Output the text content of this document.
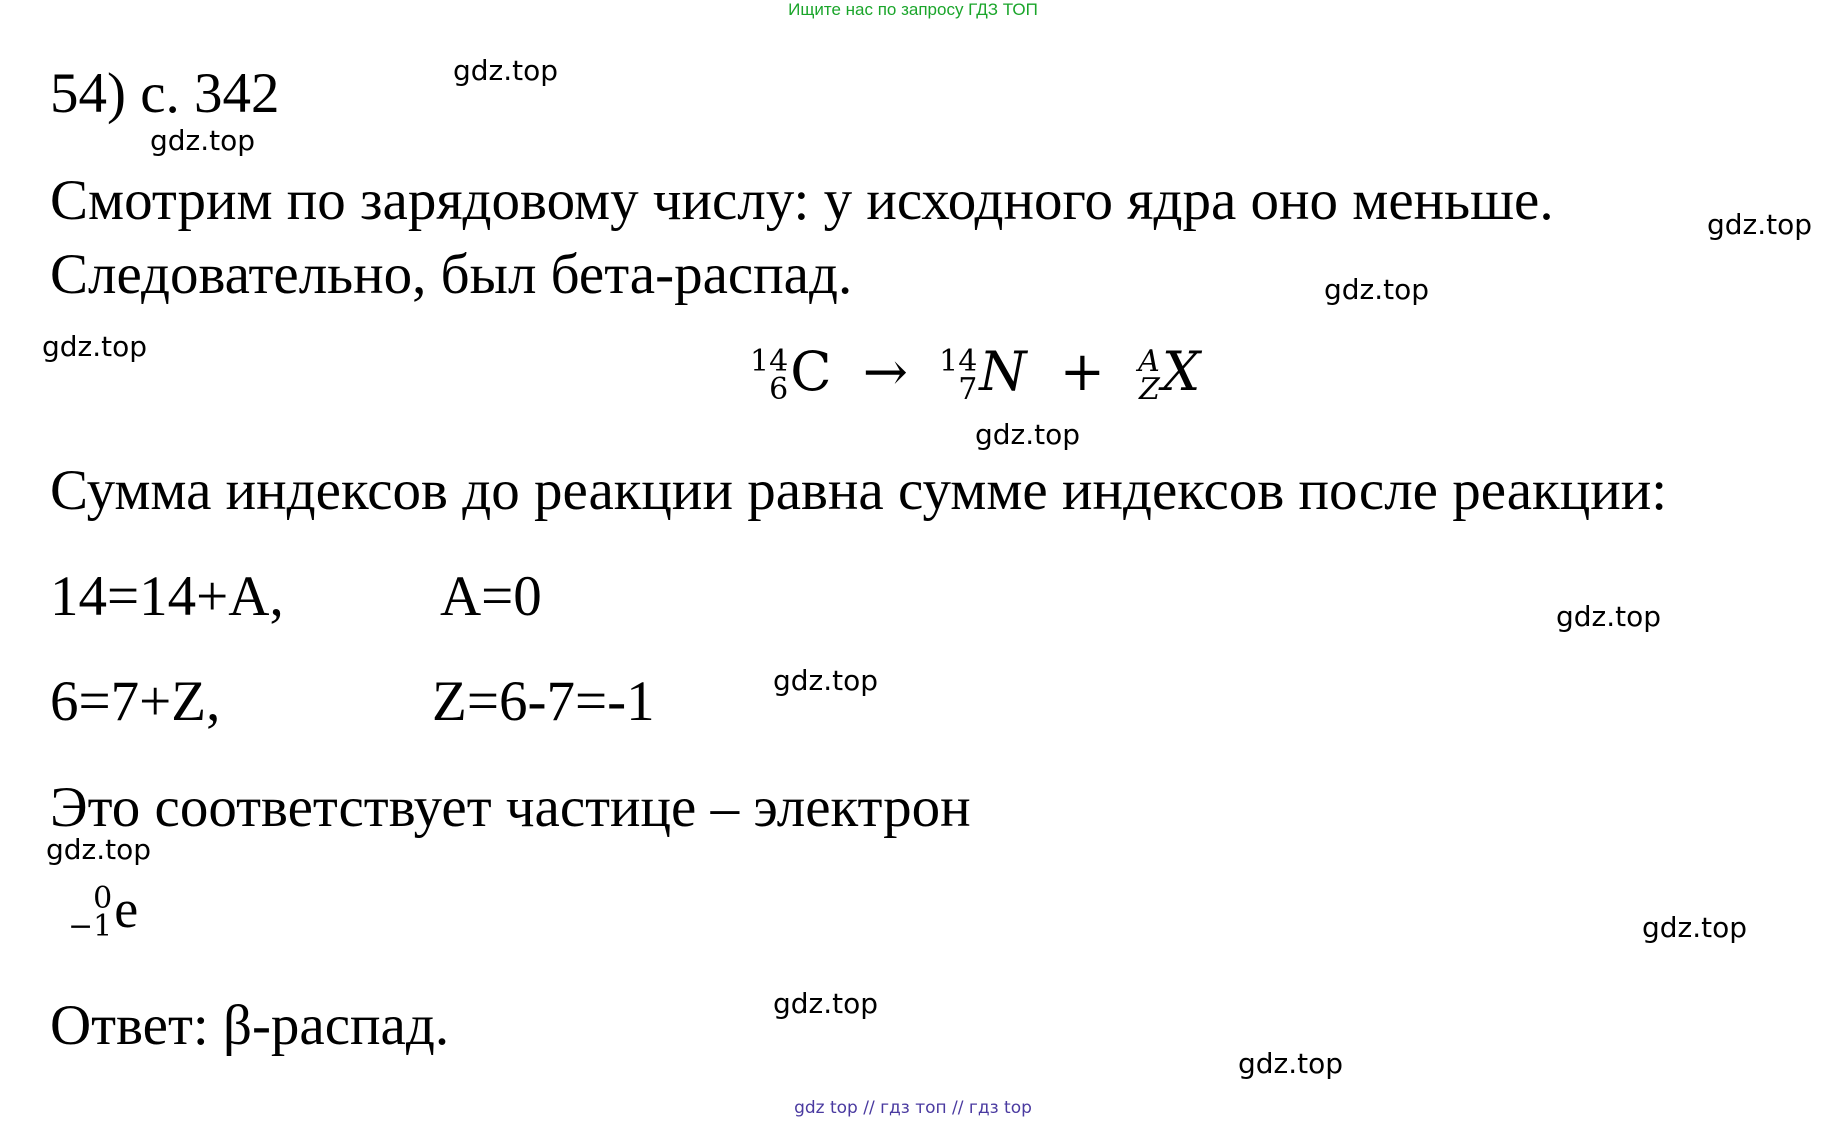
Ищите нас по запросу ГДЗ ТОП
54) с. 342
Смотрим по зарядовому числу: у исходного ядра оно меньше.
Следовательно, был бета-распад.
14
6 C → 14
7 N + A
Z X
Сумма индексов до реакции равна сумме индексов после реакции:
14=14+A,	A=0
6=7+Z,	Z=6-7=-1
Это соответствует частице – электрон
0
−1 e
Ответ: β-распад.
gdz.top
gdz.top
gdz.top
gdz.top
gdz.top
gdz.top
gdz.top
gdz.top
gdz.top
gdz.top
gdz.top
gdz.top
gdz top // гдз топ // гдз top
